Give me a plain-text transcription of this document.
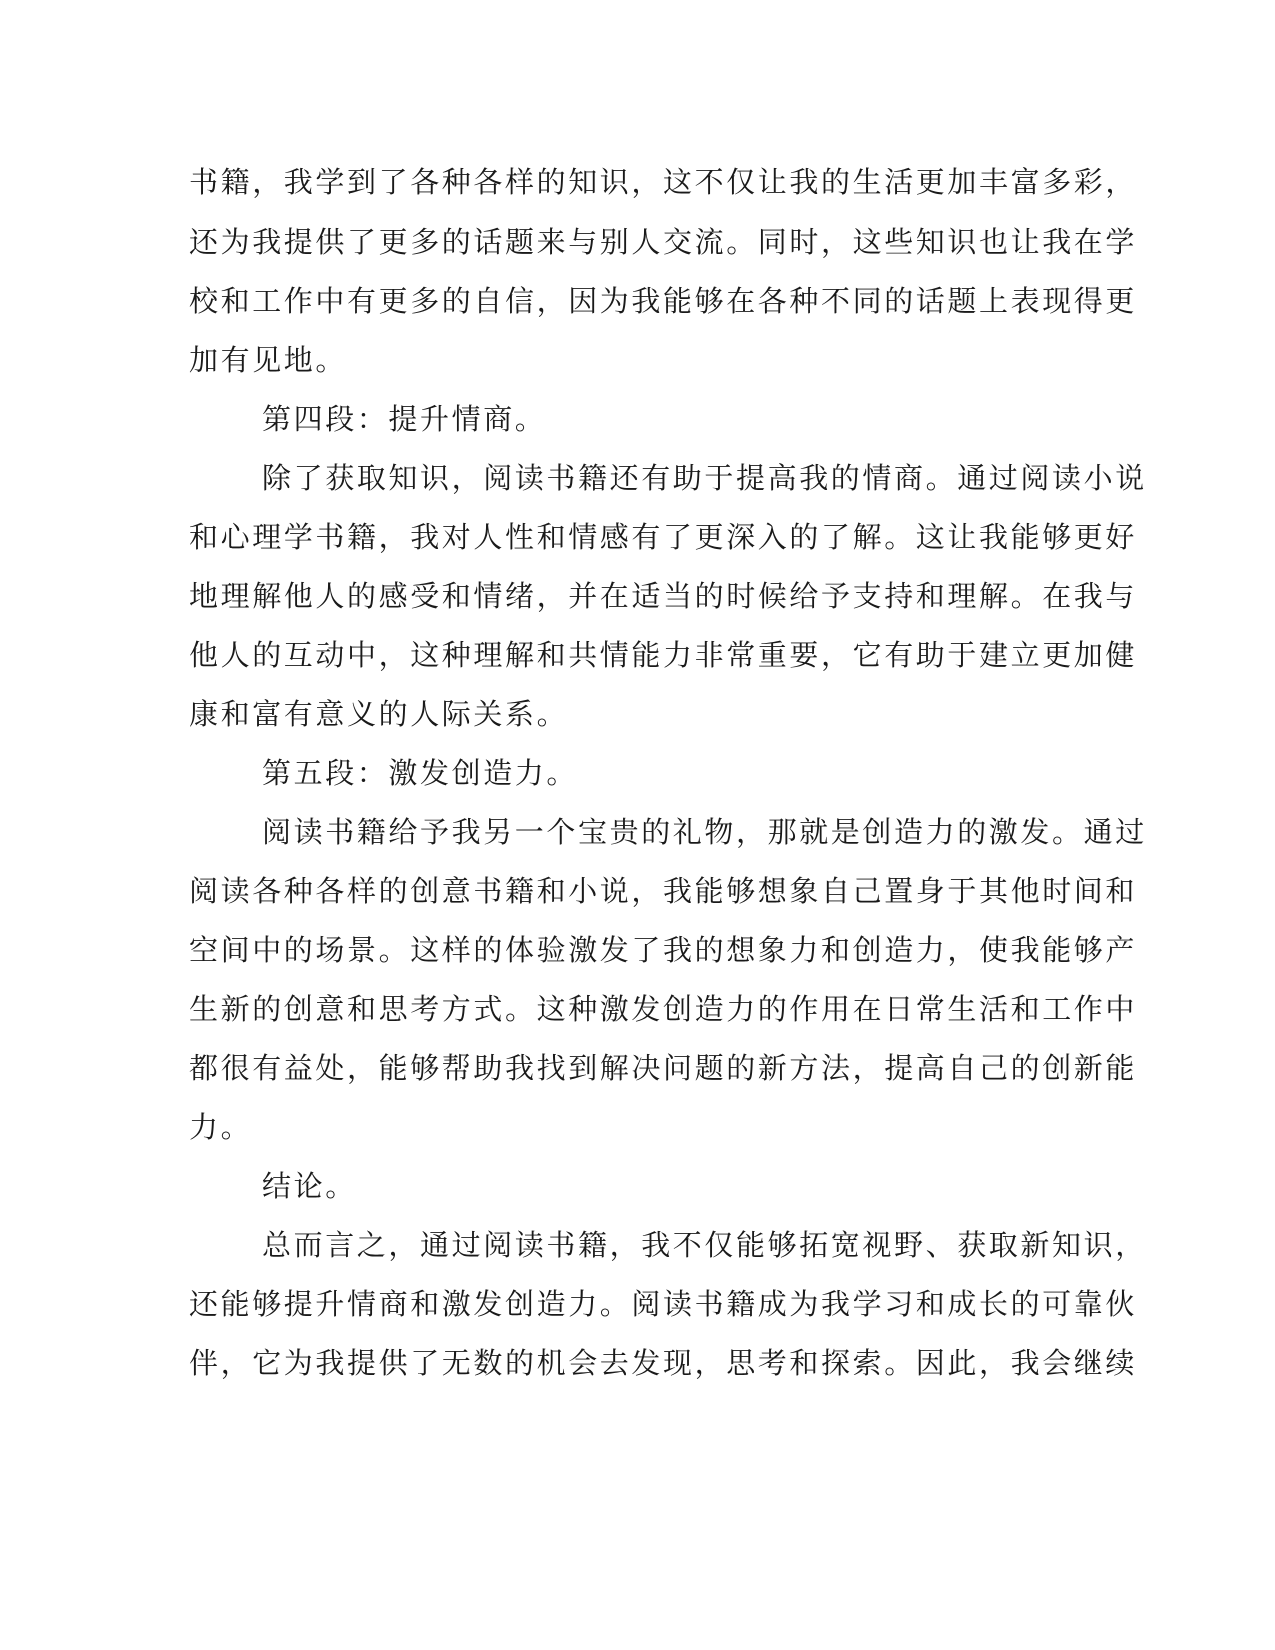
书籍，我学到了各种各样的知识，这不仅让我的生活更加丰富多彩，

还为我提供了更多的话题来与别人交流。同时，这些知识也让我在学

校和工作中有更多的自信，因为我能够在各种不同的话题上表现得更

加有见地。

第四段：提升情商。

除了获取知识，阅读书籍还有助于提高我的情商。通过阅读小说

和心理学书籍，我对人性和情感有了更深入的了解。这让我能够更好

地理解他人的感受和情绪，并在适当的时候给予支持和理解。在我与

他人的互动中，这种理解和共情能力非常重要，它有助于建立更加健

康和富有意义的人际关系。

第五段：激发创造力。

阅读书籍给予我另一个宝贵的礼物，那就是创造力的激发。通过

阅读各种各样的创意书籍和小说，我能够想象自己置身于其他时间和

空间中的场景。这样的体验激发了我的想象力和创造力，使我能够产

生新的创意和思考方式。这种激发创造力的作用在日常生活和工作中

都很有益处，能够帮助我找到解决问题的新方法，提高自己的创新能

力。

结论。

总而言之，通过阅读书籍，我不仅能够拓宽视野、获取新知识，

还能够提升情商和激发创造力。阅读书籍成为我学习和成长的可靠伙

伴，它为我提供了无数的机会去发现，思考和探索。因此，我会继续
